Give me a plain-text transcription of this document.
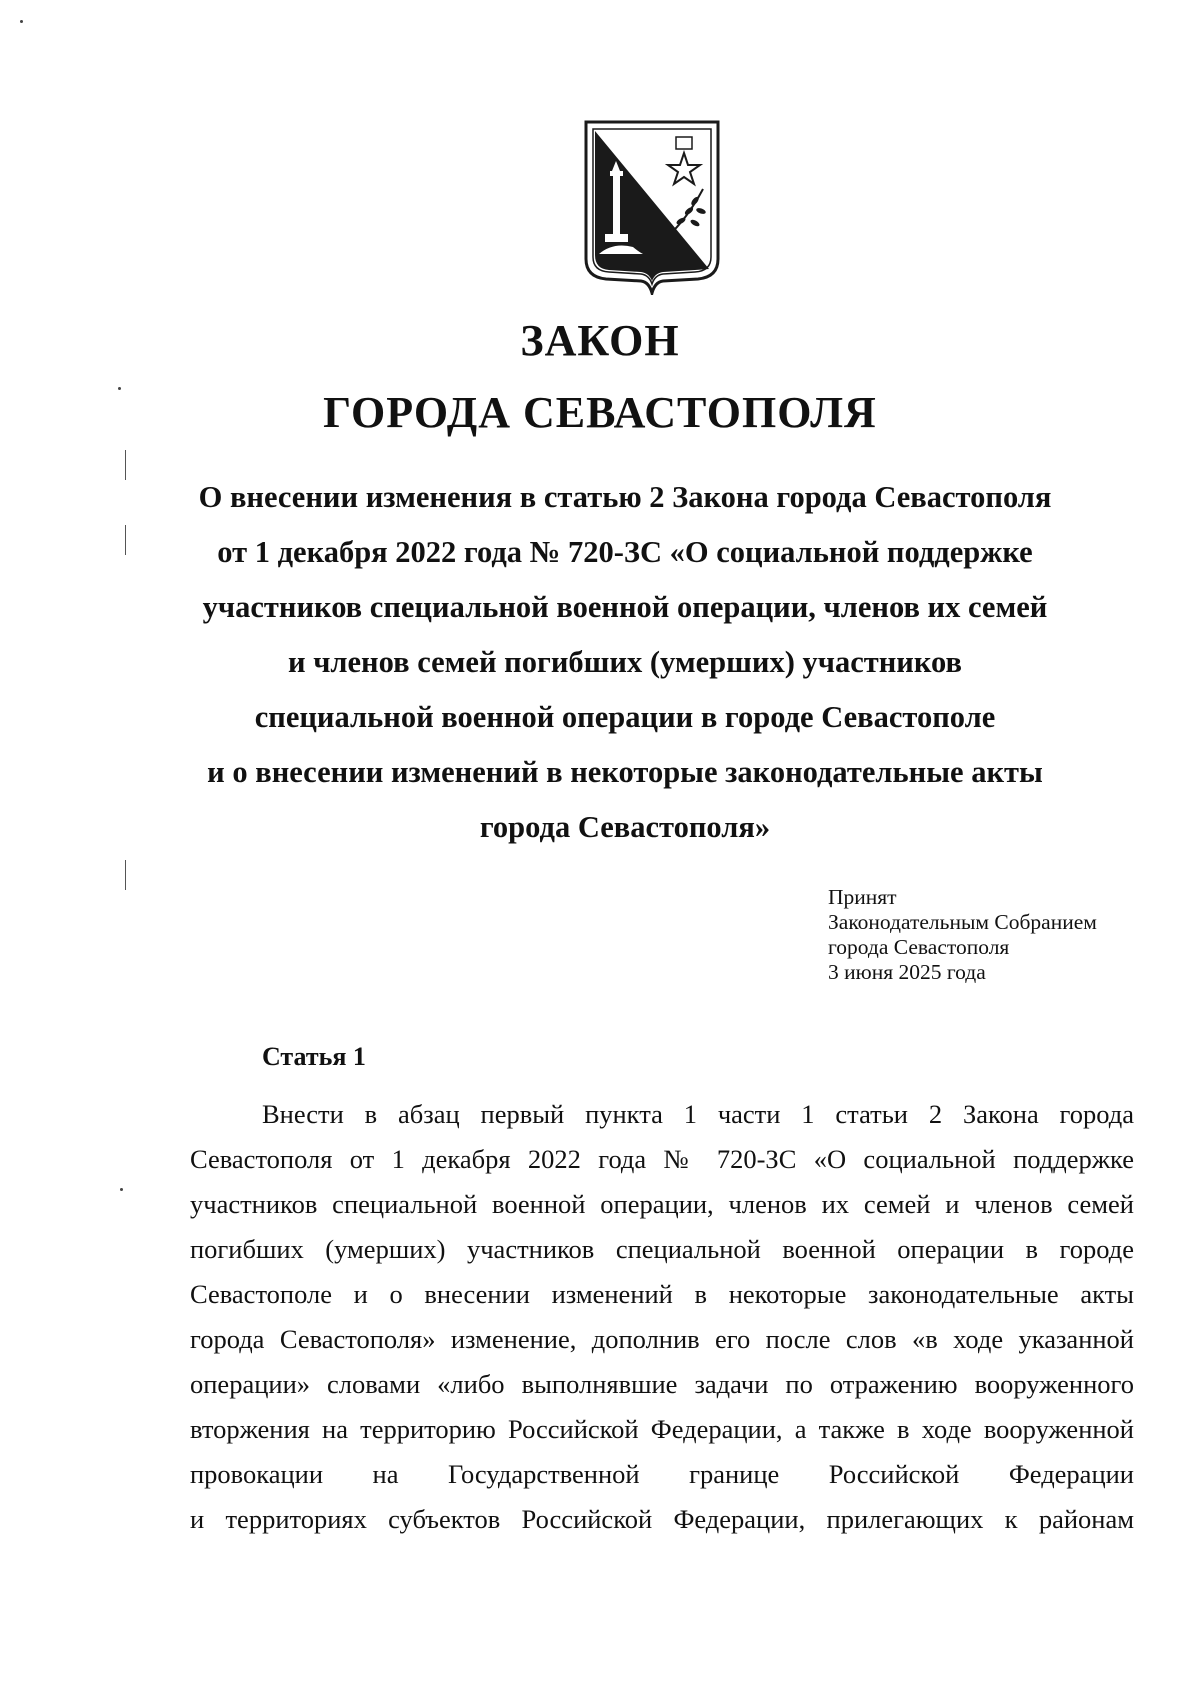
ЗАКОН
ГОРОДА СЕВАСТОПОЛЯ
О внесении изменения в статью 2 Закона города Севастополя
от 1 декабря 2022 года № 720-ЗС «О социальной поддержке
участников специальной военной операции, членов их семей
и членов семей погибших (умерших) участников
специальной военной операции в городе Севастополе
и о внесении изменений в некоторые законодательные акты
города Севастополя»
Принят
Законодательным Собранием
города Севастополя
3 июня 2025 года
Статья 1
Внести в абзац первый пункта 1 части 1 статьи 2 Закона города
Севастополя от 1 декабря 2022 года № 720-ЗС «О социальной поддержке
участников специальной военной операции, членов их семей и членов семей
погибших (умерших) участников специальной военной операции в городе
Севастополе и о внесении изменений в некоторые законодательные акты
города Севастополя» изменение, дополнив его после слов «в ходе указанной
операции» словами «либо выполнявшие задачи по отражению вооруженного
вторжения на территорию Российской Федерации, а также в ходе вооруженной
провокации на Государственной границе Российской Федерации
и территориях субъектов Российской Федерации, прилегающих к районам
